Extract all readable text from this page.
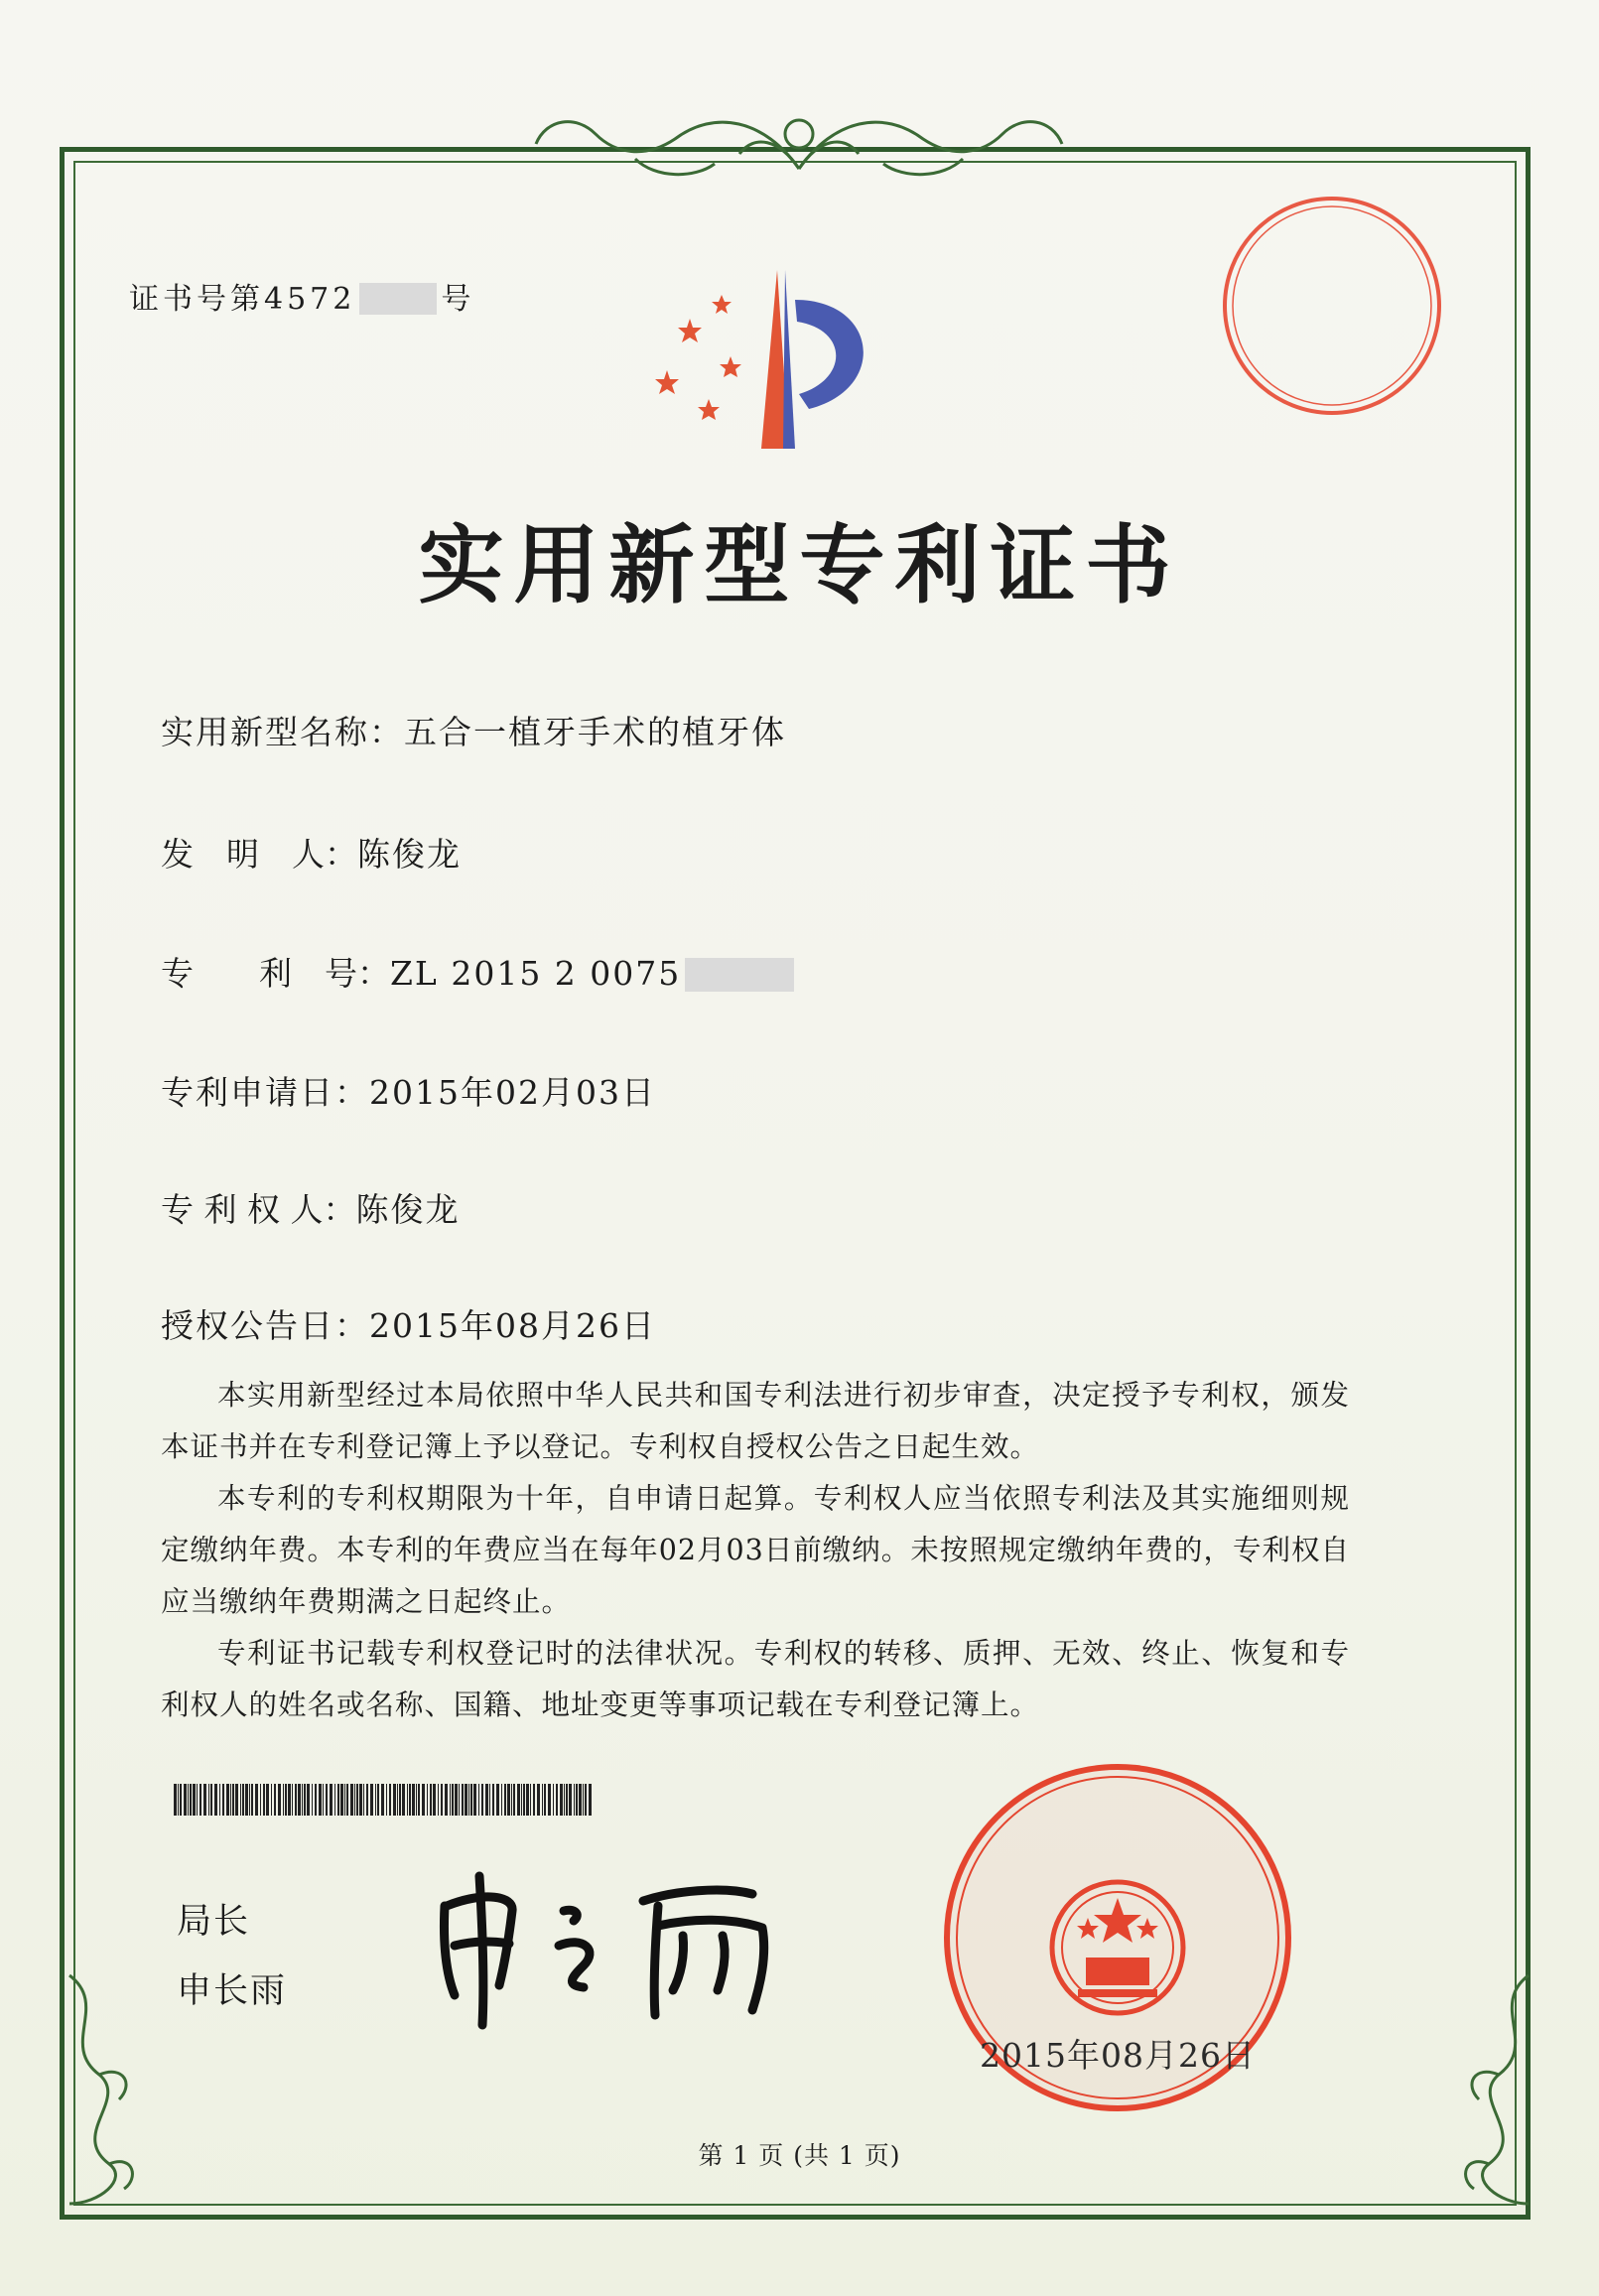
证书号第4572	号
实用新型专利证书
实用新型名称：五合一植牙手术的植牙体
发　明　人：陈俊龙
专　　利　号：ZL 2015 2 0075
专利申请日：2015年02月03日
专 利 权 人：陈俊龙
授权公告日：2015年08月26日

本实用新型经过本局依照中华人民共和国专利法进行初步审查，决定授予专利权，颁发本证书并在专利登记簿上予以登记。专利权自授权公告之日起生效。

本专利的专利权期限为十年，自申请日起算。专利权人应当依照专利法及其实施细则规定缴纳年费。本专利的年费应当在每年02月03日前缴纳。未按照规定缴纳年费的，专利权自应当缴纳年费期满之日起终止。

专利证书记载专利权登记时的法律状况。专利权的转移、质押、无效、终止、恢复和专利权人的姓名或名称、国籍、地址变更等事项记载在专利登记簿上。

局长
申长雨
2015年08月26日
第 1 页 (共 1 页)
